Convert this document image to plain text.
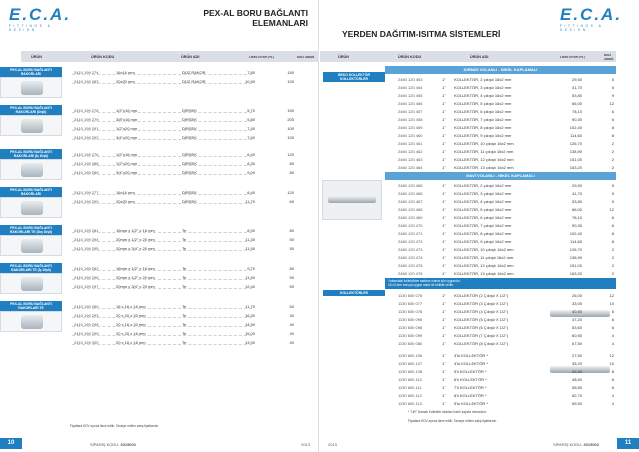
E.C.A.
FITTINGS & DESIGN
PEX-AL BORU BAĞLANTI
ELEMANLARI
ÜRÜN	ÜRÜN KODU	ÜRÜN ADI	LİSTE FİYATI (TL)	KOLİ ADEDİ
PEX-AL BORU BAĞLANTI RAKORLARI	2410 199 274	16x16 mm	DÜZ RAKOR	7,80	150
2410 199 283	20x20 mm	DÜZ RAKOR	10,90	100
PEX-AL BORU BAĞLANTI RAKORLARI (Dişli)	2410 199 278	1/2"x16 mm	DİRSEK	5,70	150
2410 199 279	3/8"x16 mm	DİRSEK	5,80	200
2410 199 291	1/2"x20 mm	DİRSEK	7,40	100
2410 199 292	3/4"x20 mm	DİRSEK	7,60	100
PEX-AL BORU BAĞLANTI RAKORLARI (İç Dişli)	2410 199 276	1/2"x16 mm	DİRSEK	6,40	120
2410 199 288	1/2"x20 mm	DİRSEK	8,30	80
2410 199 289	3/4"x20 mm	DİRSEK	9,00	80
PEX-AL BORU BAĞLANTI RAKORLARI	2410 199 277	16x16 mm	DİRSEK	8,40	120
2410 199 290	20x20 mm	DİRSEK	11,70	60
PEX-AL BORU BAĞLANTI RAKORLARI TE (Dış Dişli)	2410 199 281	16mm x 1/2" x 16 mm	Te	8,90	80
2410 199 294	20mm x 1/2" x 20 mm	Te	11,30	50
2410 199 295	20mm x 3/4" x 20 mm	Te	11,90	50
PEX-AL BORU BAĞLANTI RAKORLARI TE (İç Dişli)	2410 199 282	16mm x 1/2" x 16 mm	Te	9,70	80
2410 199 296	20mm x 1/2" x 20 mm	Te	11,90	50
2410 199 297	20mm x 3/4" x 20 mm	Te	12,40	50
PEX-AL BORU BAĞLANTI RAKORLARI TE	2410 199 280	16 x 16 x 16 mm	Te	11,70	60
2410 199 293	20 x 20 x 20 mm	Te	16,30	40
2410 199 298	20 x 16 x 20 mm	Te	14,90	40
2410 199 299	20 x 20 x 16 mm	Te	15,00	40
2410 199 300	20 x 16 x 16 mm	Te	13,90	40
Fiyatlara KDV ayrıca ilave edilir. Tavsiye edilen satış fiyatlarıdır.
10	SİPARİŞ KODU: 3015002	2013
E.C.A.
FITTINGS & DESIGN
YERDEN DAĞITIM-ISITMA SİSTEMLERİ
ÜRÜN	ÜRÜN KODU	ÜRÜN ADI	LİSTE FİYATI (TL)	KOLİ ADEDİ
BEKO KOLLEKTÖR KOLLEKTÖRLER
KIRMIZI VOLANLI - NİKEL KAPLAMALI
2460 120 453	1" KOLLEKTÖR, 2 çıkışlı 16x2 mm	29,50	5
2460 120 454	1" KOLLEKTÖR, 3 çıkışlı 16x2 mm	41,70	5
2460 120 455	1" KOLLEKTÖR, 4 çıkışlı 16x2 mm	53,80	9
2460 120 456	1" KOLLEKTÖR, 5 çıkışlı 16x2 mm	66,00	12
2460 120 457	1" KOLLEKTÖR, 6 çıkışlı 16x2 mm	78,10	6
2460 120 458	1" KOLLEKTÖR, 7 çıkışlı 16x2 mm	90,30	6
2460 120 459	1" KOLLEKTÖR, 8 çıkışlı 16x2 mm	102,40	8
2460 120 460	1" KOLLEKTÖR, 9 çıkışlı 16x2 mm	114,60	8
2460 120 461	1" KOLLEKTÖR, 10 çıkışlı 16x2 mm	126,70	2
2460 120 462	1" KOLLEKTÖR, 11 çıkışlı 16x2 mm	138,90	2
2460 120 463	1" KOLLEKTÖR, 12 çıkışlı 16x2 mm	151,00	2
2460 120 464	1" KOLLEKTÖR, 13 çıkışlı 16x2 mm	163,20	2
MAVİ VOLANLI - NİKEL KAPLAMALI
2460 120 465	1" KOLLEKTÖR, 2 çıkışlı 16x2 mm	29,50	5
2460 120 466	1" KOLLEKTÖR, 3 çıkışlı 16x2 mm	41,70	5
2460 120 467	1" KOLLEKTÖR, 4 çıkışlı 16x2 mm	53,80	9
2460 120 468	1" KOLLEKTÖR, 5 çıkışlı 16x2 mm	66,00	12
2460 120 469	1" KOLLEKTÖR, 6 çıkışlı 16x2 mm	78,10	6
2460 120 470	1" KOLLEKTÖR, 7 çıkışlı 16x2 mm	90,30	6
2460 120 471	1" KOLLEKTÖR, 8 çıkışlı 16x2 mm	102,40	8
2460 120 472	1" KOLLEKTÖR, 9 çıkışlı 16x2 mm	114,60	8
2460 120 473	1" KOLLEKTÖR, 10 çıkışlı 16x2 mm	126,70	2
2460 120 474	1" KOLLEKTÖR, 11 çıkışlı 16x2 mm	138,90	2
2460 120 475	1" KOLLEKTÖR, 12 çıkışlı 16x2 mm	151,00	2
2460 120 476	1" KOLLEKTÖR, 13 çıkışlı 16x2 mm	163,20	2
Yukarıdaki kollektörler sadece ısıtma için uygundur.
16 x2 mm boruya uygun rakor ile birlikte verilir.
KOLLEKTÖRLER	1130 600 076	1" KOLLEKTÖR (2 Çıkışlı X 1/2")	26,00	12
1130 600 077	1" KOLLEKTÖR (3 Çıkışlı X 1/2")	33,00	10
1130 600 078	1" KOLLEKTÖR (4 Çıkışlı X 1/2")	40,50	6
1130 600 096	1" KOLLEKTÖR (5 Çıkışlı X 1/2")	47,20	6
1130 600 098	1" KOLLEKTÖR (6 Çıkışlı X 1/2")	53,60	6
1130 600 099	1" KOLLEKTÖR (7 Çıkışlı X 1/2")	60,50	4
1130 600 080	1" KOLLEKTÖR (8 Çıkışlı X 1/2")	67,50	4
1130 600 106	1" 3'lü KOLLEKTÖR *	27,50	12
1130 600 107	1" 4'lü KOLLEKTÖR *	35,20	10
1130 600 108	1" 5'li KOLLEKTÖR *	42,40	8
1130 600 110	1" 6'lı KOLLEKTÖR *	48,60	6
1130 600 111	1" 7'li KOLLEKTÖR *	55,80	6
1130 600 112	1" 8'li KOLLEKTÖR *	62,70	4
1130 600 113	1" 9'lu KOLLEKTÖR *	69,50	4
* "UR" Damalı Kollektör stoktan kısıtlı sayıda mevcuttur.
Fiyatlara KDV ayrıca ilave edilir. Tavsiye edilen satış fiyatlarıdır.
11
2013	SİPARİŞ KODU: 3015002
